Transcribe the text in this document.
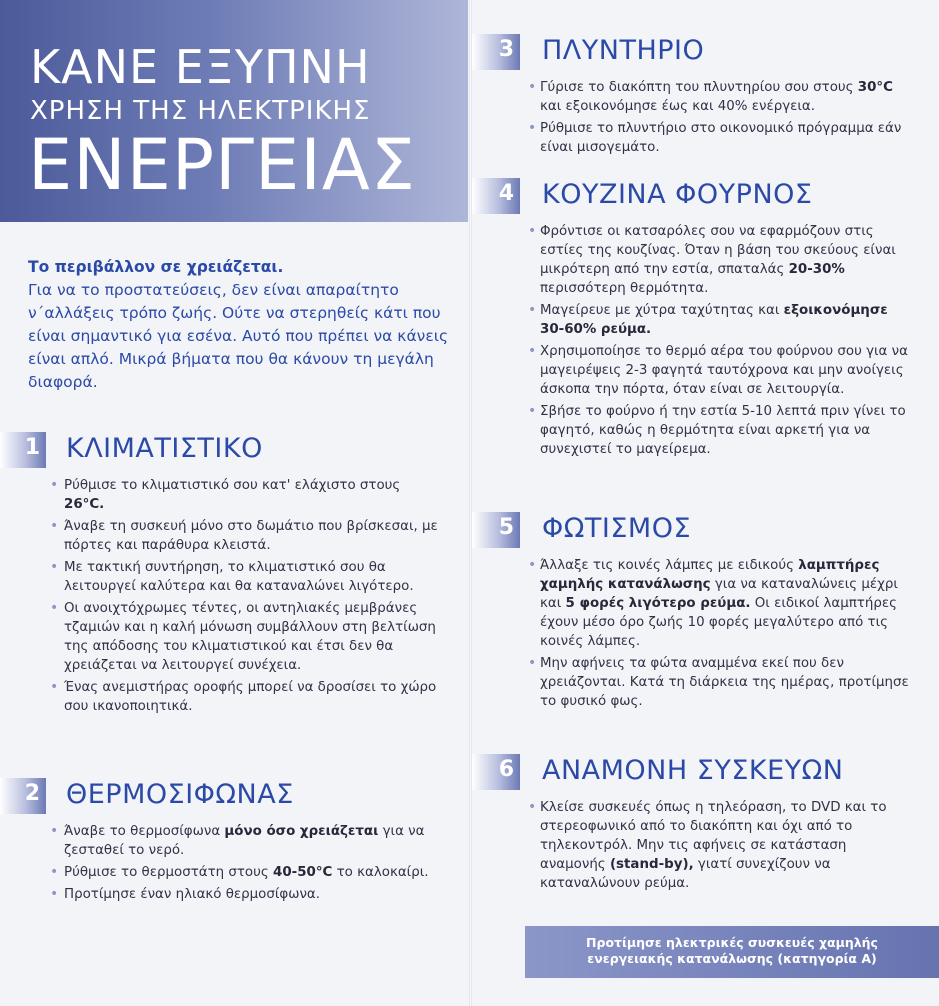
ΚΑΝΕ ΕΞΥΠΝΗ
ΧΡΗΣΗ ΤΗΣ ΗΛΕΚΤΡΙΚΗΣ
ΕΝΕΡΓΕΙΑΣ
Το περιβάλλον σε χρειάζεται.
Για να το προστατεύσεις, δεν είναι απαραίτητο ν΄αλλάξεις τρόπο ζωής. Ούτε να στερηθείς κάτι που είναι σημαντικό για εσένα. Αυτό που πρέπει να κάνεις είναι απλό. Μικρά βήματα που θα κάνουν τη μεγάλη διαφορά.
1 ΚΛΙΜΑΤΙΣΤΙΚΟ
• Ρύθμισε το κλιματιστικό σου κατ' ελάχιστο στους 26°C.
• Άναβε τη συσκευή μόνο στο δωμάτιο που βρίσκεσαι, με πόρτες και παράθυρα κλειστά.
• Με τακτική συντήρηση, το κλιματιστικό σου θα λειτουργεί καλύτερα και θα καταναλώνει λιγότερο.
• Οι ανοιχτόχρωμες τέντες, οι αντηλιακές μεμβράνες τζαμιών και η καλή μόνωση συμβάλλουν στη βελτίωση της απόδοσης του κλιματιστικού και έτσι δεν θα χρειάζεται να λειτουργεί συνέχεια.
• Ένας ανεμιστήρας οροφής μπορεί να δροσίσει το χώρο σου ικανοποιητικά.
2 ΘΕΡΜΟΣΙΦΩΝΑΣ
• Άναβε το θερμοσίφωνα μόνο όσο χρειάζεται για να ζεσταθεί το νερό.
• Ρύθμισε το θερμοστάτη στους 40-50°C το καλοκαίρι.
• Προτίμησε έναν ηλιακό θερμοσίφωνα.
3 ΠΛΥΝΤΗΡΙΟ
• Γύρισε το διακόπτη του πλυντηρίου σου στους 30°C και εξοικονόμησε έως και 40% ενέργεια.
• Ρύθμισε το πλυντήριο στο οικονομικό πρόγραμμα εάν είναι μισογεμάτο.
4 ΚΟΥΖΙΝΑ ΦΟΥΡΝΟΣ
• Φρόντισε οι κατσαρόλες σου να εφαρμόζουν στις εστίες της κουζίνας. Όταν η βάση του σκεύους είναι μικρότερη από την εστία, σπαταλάς 20-30% περισσότερη θερμότητα.
• Μαγείρευε με χύτρα ταχύτητας και εξοικονόμησε 30-60% ρεύμα.
• Χρησιμοποίησε το θερμό αέρα του φούρνου σου για να μαγειρέψεις 2-3 φαγητά ταυτόχρονα και μην ανοίγεις άσκοπα την πόρτα, όταν είναι σε λειτουργία.
• Σβήσε το φούρνο ή την εστία 5-10 λεπτά πριν γίνει το φαγητό, καθώς η θερμότητα είναι αρκετή για να συνεχιστεί το μαγείρεμα.
5 ΦΩΤΙΣΜΟΣ
• Άλλαξε τις κοινές λάμπες με ειδικούς λαμπτήρες χαμηλής κατανάλωσης για να καταναλώνεις μέχρι και 5 φορές λιγότερο ρεύμα. Οι ειδικοί λαμπτήρες έχουν μέσο όρο ζωής 10 φορές μεγαλύτερο από τις κοινές λάμπες.
• Μην αφήνεις τα φώτα αναμμένα εκεί που δεν χρειάζονται. Κατά τη διάρκεια της ημέρας, προτίμησε το φυσικό φως.
6 ΑΝΑΜΟΝΗ ΣΥΣΚΕΥΩΝ
• Κλείσε συσκευές όπως η τηλεόραση, το DVD και το στερεοφωνικό από το διακόπτη και όχι από το τηλεκοντρόλ. Μην τις αφήνεις σε κατάσταση αναμονής (stand-by), γιατί συνεχίζουν να καταναλώνουν ρεύμα.
Προτίμησε ηλεκτρικές συσκευές χαμηλής
ενεργειακής κατανάλωσης (κατηγορία Α)
